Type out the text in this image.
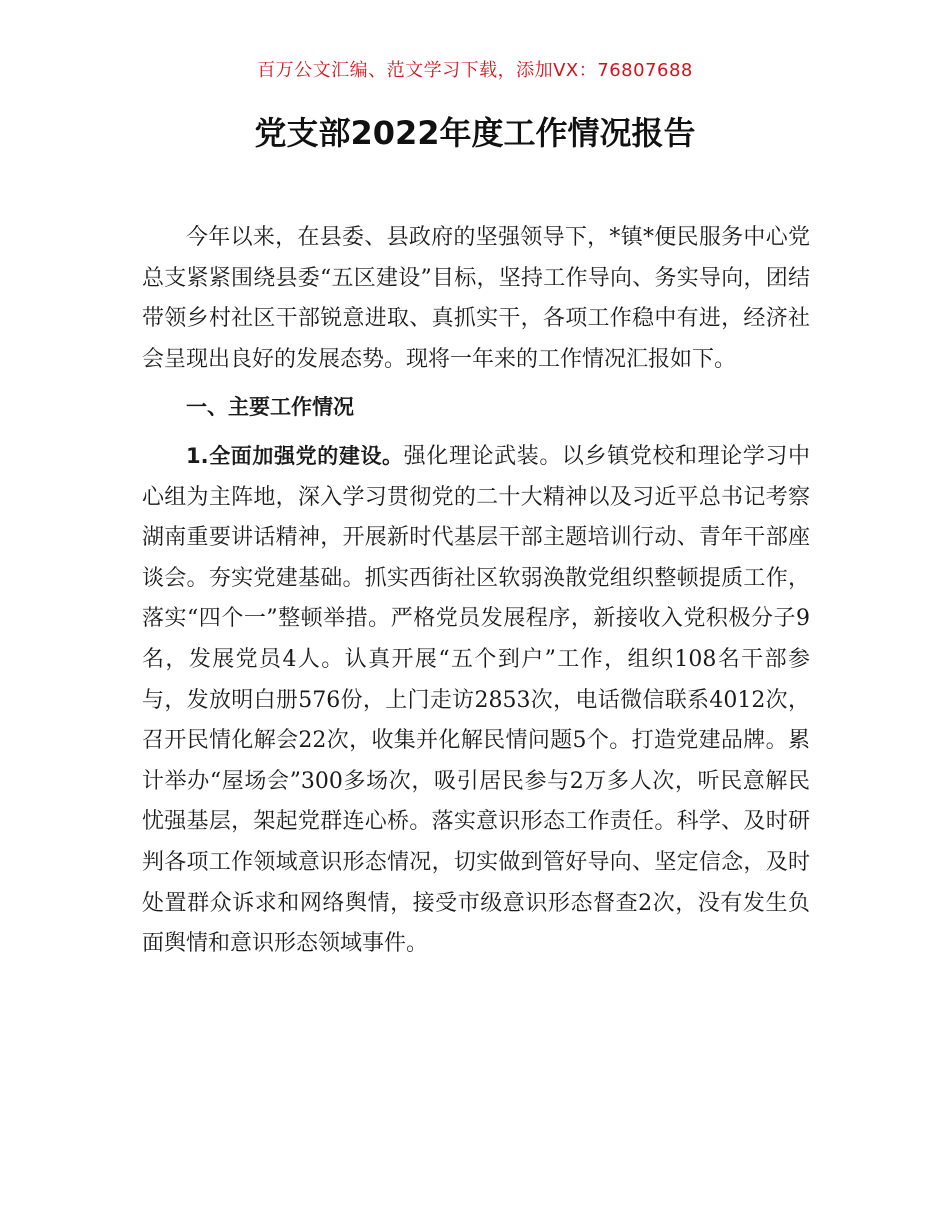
百万公文汇编、范文学习下载，添加VX：76807688
党支部2022年度工作情况报告

今年以来，在县委、县政府的坚强领导下，*镇*便民服务中心党总支紧紧围绕县委“五区建设”目标，坚持工作导向、务实导向，团结带领乡村社区干部锐意进取、真抓实干，各项工作稳中有进，经济社会呈现出良好的发展态势。现将一年来的工作情况汇报如下。

一、主要工作情况

1.全面加强党的建设。强化理论武装。以乡镇党校和理论学习中心组为主阵地，深入学习贯彻党的二十大精神以及习近平总书记考察湖南重要讲话精神，开展新时代基层干部主题培训行动、青年干部座谈会。夯实党建基础。抓实西街社区软弱涣散党组织整顿提质工作，落实“四个一”整顿举措。严格党员发展程序，新接收入党积极分子9名，发展党员4人。认真开展“五个到户”工作，组织108名干部参与，发放明白册576份，上门走访2853次，电话微信联系4012次，召开民情化解会22次，收集并化解民情问题5个。打造党建品牌。累计举办“屋场会”300多场次，吸引居民参与2万多人次，听民意解民忧强基层，架起党群连心桥。落实意识形态工作责任。科学、及时研判各项工作领域意识形态情况，切实做到管好导向、坚定信念，及时处置群众诉求和网络舆情，接受市级意识形态督查2次，没有发生负面舆情和意识形态领域事件。
